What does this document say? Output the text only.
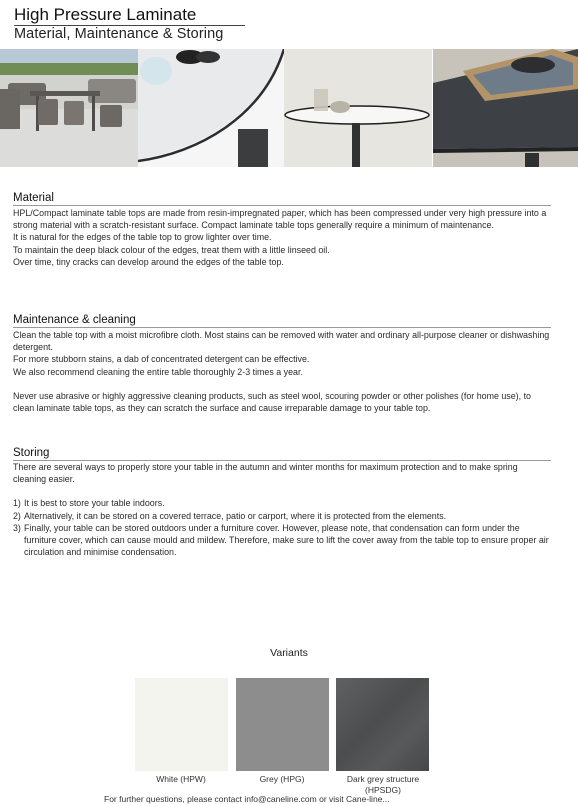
High Pressure Laminate
Material, Maintenance & Storing
Material

HPL/Compact laminate table tops are made from resin-impregnated paper, which has been compressed under very high pressure into a strong material with a scratch-resistant surface. Compact laminate table tops generally require a minimum of maintenance.

It is natural for the edges of the table top to grow lighter over time.

To maintain the deep black colour of the edges, treat them with a little linseed oil.

Over time, tiny cracks can develop around the edges of the table top.

Maintenance & cleaning

Clean the table top with a moist microfibre cloth. Most stains can be removed with water and ordinary all-purpose cleaner or dishwashing detergent.

For more stubborn stains, a dab of concentrated detergent can be effective.

We also recommend cleaning the entire table thoroughly 2-3 times a year.

Never use abrasive or highly aggressive cleaning products, such as steel wool, scouring powder or other polishes (for home use), to clean laminate table tops, as they can scratch the surface and cause irreparable damage to your table top.

Storing

There are several ways to properly store your table in the autumn and winter months for maximum protection and to make spring cleaning easier.

1) It is best to store your table indoors.
2) Alternatively, it can be stored on a covered terrace, patio or carport, where it is protected from the elements.
3) Finally, your table can be stored outdoors under a furniture cover. However, please note, that condensation can form under the furniture cover, which can cause mould and mildew. Therefore, make sure to lift the cover away from the table top to ensure proper air circulation and minimise condensation.
Variants
White (HPW)	Grey (HPG)	Dark grey structure (HPSDG)
For further questions, please contact info@caneline.com or visit Cane-line...
